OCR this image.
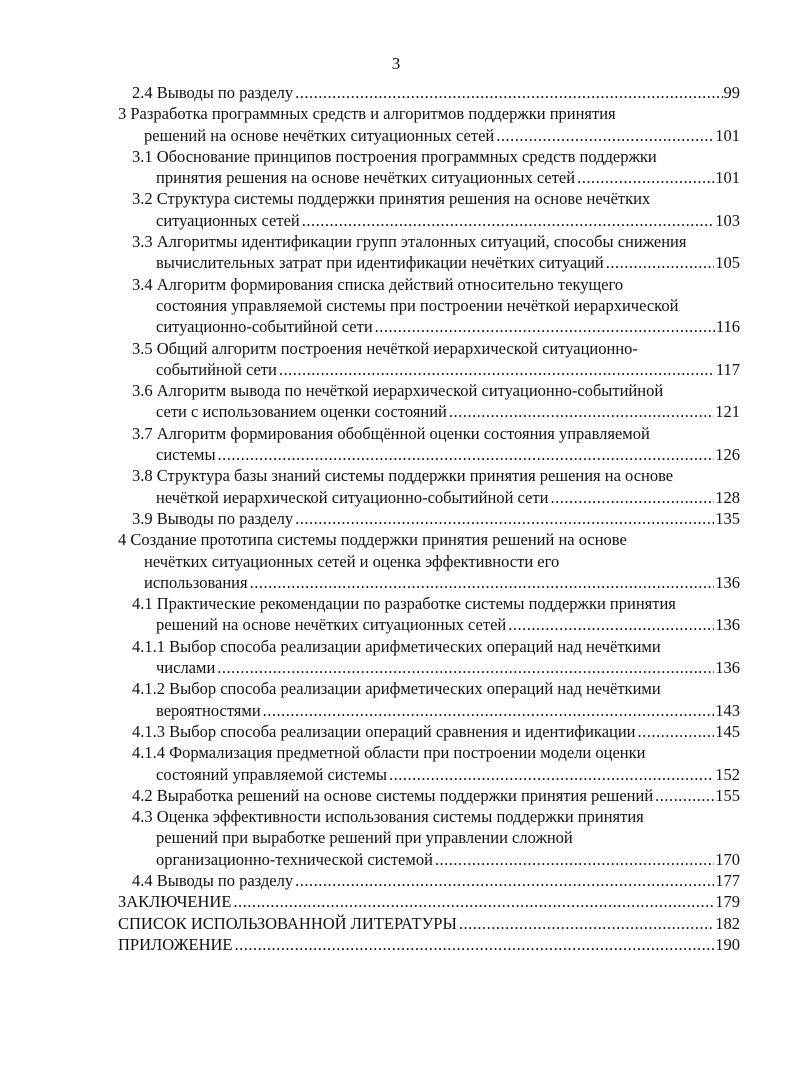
3
2.4 Выводы по разделу .....	99
3 Разработка программных средств и алгоритмов поддержки принятия
решений на основе нечётких ситуационных сетей .....	101
3.1 Обоснование принципов построения программных средств поддержки
принятия решения на основе нечётких ситуационных сетей .....	101
3.2 Структура системы поддержки принятия решения на основе нечётких
ситуационных сетей .....	103
3.3 Алгоритмы идентификации групп эталонных ситуаций, способы снижения
вычислительных затрат при идентификации нечётких ситуаций .....	105
3.4 Алгоритм формирования списка действий относительно текущего
состояния управляемой системы при построении нечёткой иерархической
ситуационно-событийной сети .....	116
3.5 Общий алгоритм построения нечёткой иерархической ситуационно-
событийной сети .....	117
3.6 Алгоритм вывода по нечёткой иерархической ситуационно-событийной
сети с использованием оценки состояний .....	121
3.7 Алгоритм формирования обобщённой оценки состояния управляемой
системы .....	126
3.8 Структура базы знаний системы поддержки принятия решения на основе
нечёткой иерархической ситуационно-событийной сети .....	128
3.9 Выводы по разделу .....	135
4 Создание прототипа системы поддержки принятия решений на основе
нечётких ситуационных сетей и оценка эффективности его
использования .....	136
4.1 Практические рекомендации по разработке системы поддержки принятия
решений на основе нечётких ситуационных сетей .....	136
4.1.1 Выбор способа реализации арифметических операций над нечёткими
числами .....	136
4.1.2 Выбор способа реализации арифметических операций над нечёткими
вероятностями .....	143
4.1.3 Выбор способа реализации операций сравнения и идентификации .....	145
4.1.4 Формализация предметной области при построении модели оценки
состояний управляемой системы .....	152
4.2 Выработка решений на основе системы поддержки принятия решений .....	155
4.3 Оценка эффективности использования системы поддержки принятия
решений при выработке решений при управлении сложной
организационно-технической системой .....	170
4.4 Выводы по разделу .....	177
ЗАКЛЮЧЕНИЕ .....	179
СПИСОК ИСПОЛЬЗОВАННОЙ ЛИТЕРАТУРЫ .....	182
ПРИЛОЖЕНИЕ .....	190
